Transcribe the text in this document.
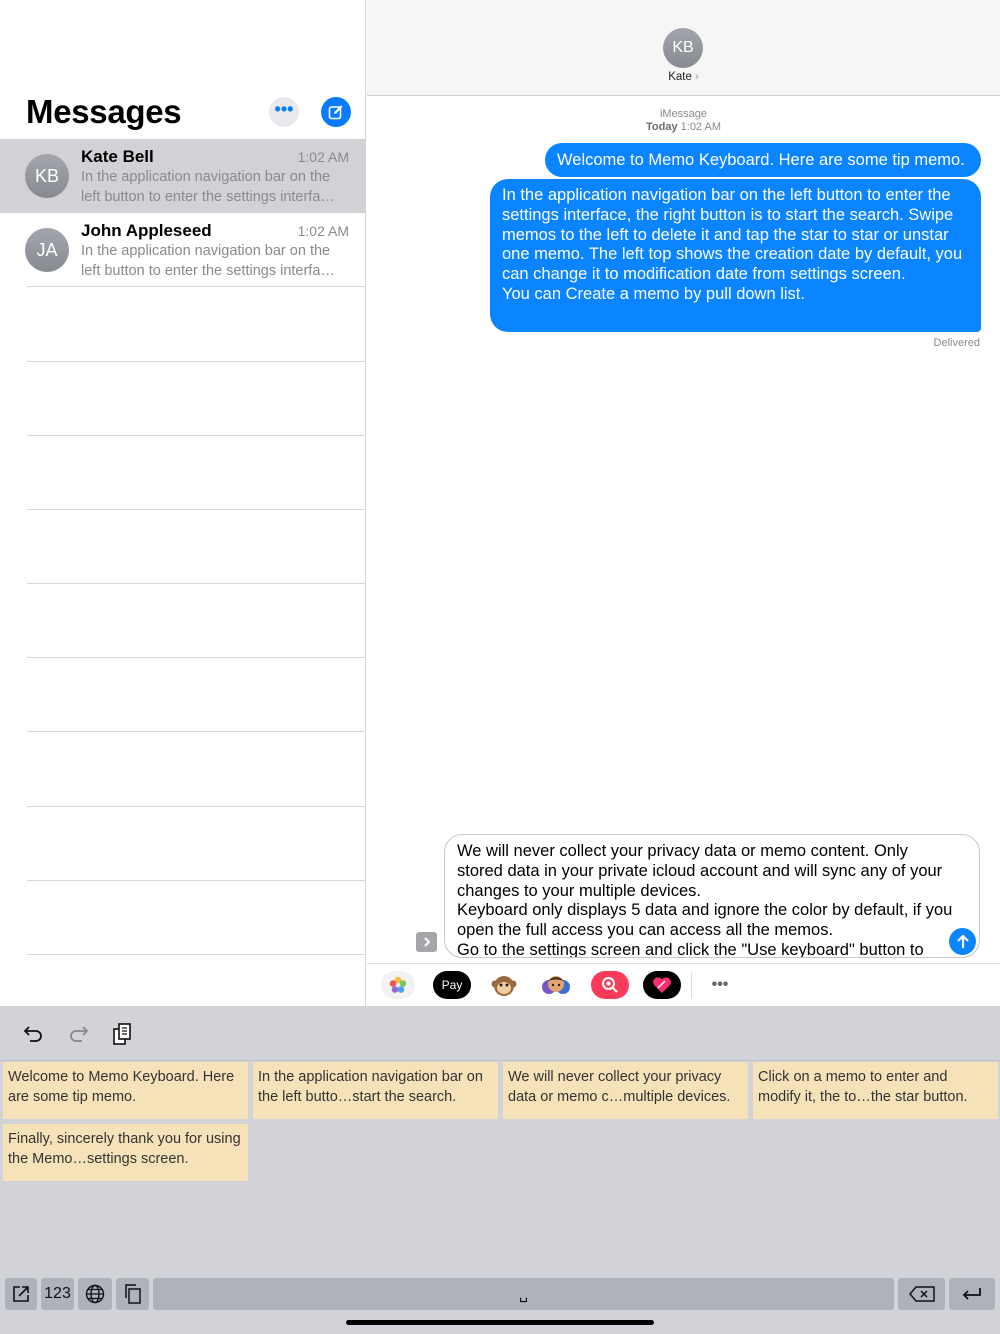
Messages	•••
KB
Kate Bell	1:02 AM
In the application navigation bar on the left button to enter the settings interfa…
JA
John Appleseed	1:02 AM
In the application navigation bar on the left button to enter the settings interfa…
KB
Kate ›
iMessage
Today 1:02 AM
Welcome to Memo Keyboard. Here are some tip memo.
In the application navigation bar on the left button to enter the settings interface, the right button is to start the search. Swipe memos to the left to delete it and tap the star to star or unstar one memo. The left top shows the creation date by default, you can change it to modification date from settings screen.
You can Create a memo by pull down list.
Delivered
We will never collect your privacy data or memo content. Only stored data in your private icloud account and will sync any of your changes to your multiple devices.
Keyboard only displays 5 data and ignore the color by default, if you open the full access you can access all the memos.
Go to the settings screen and click the "Use keyboard" button to
Pay	•••
Welcome to Memo Keyboard. Here are some tip memo.
In the application navigation bar on the left butto…start the search.
We will never collect your privacy data or memo c…multiple devices.
Click on a memo to enter and modify it, the to…the star button.
Finally, sincerely thank you for using the Memo…settings screen.
123	␣
